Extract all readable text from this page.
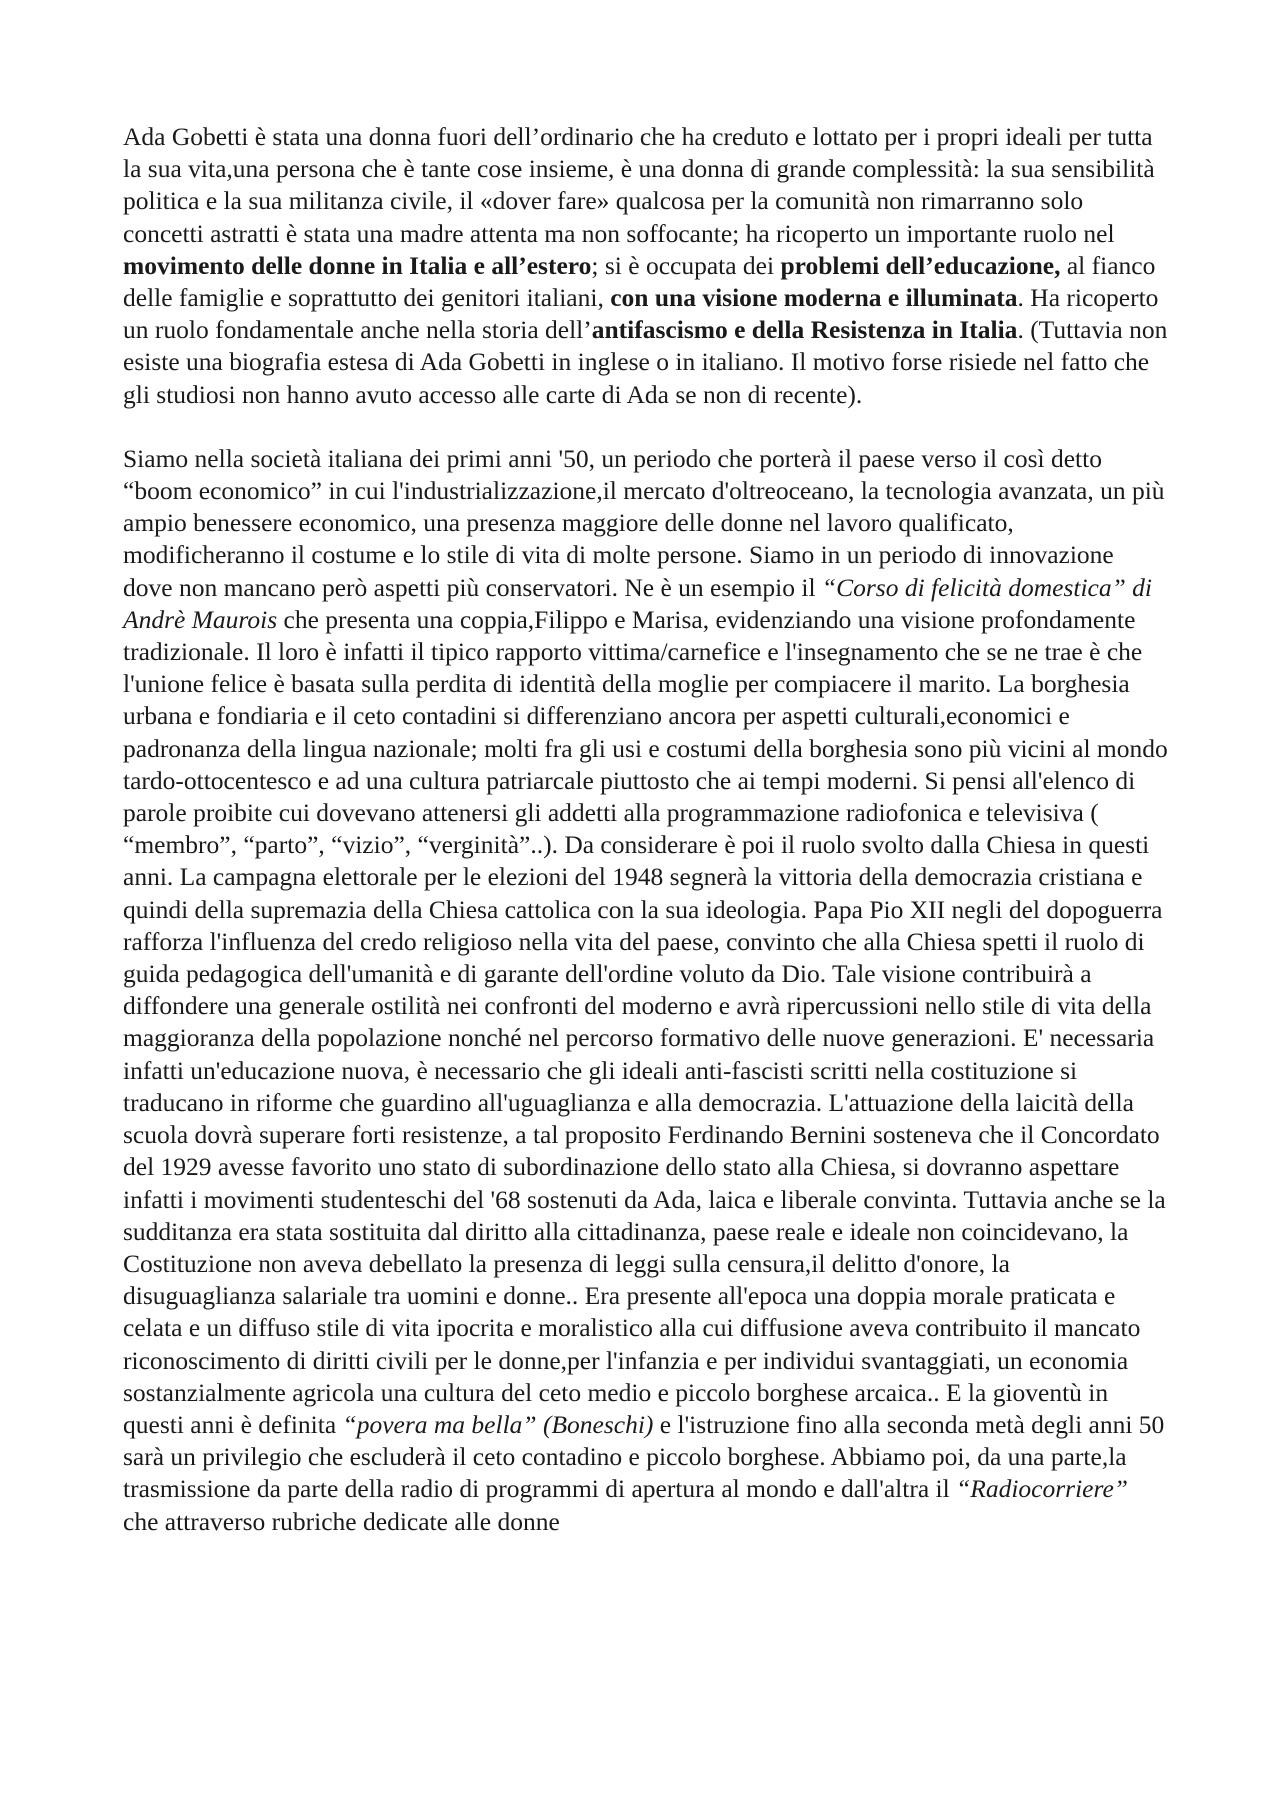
Ada Gobetti è stata una donna fuori dell’ordinario che ha creduto e lottato per i propri ideali per tutta la sua vita,una persona che è tante cose insieme, è una donna di grande complessità: la sua sensibilità politica e la sua militanza civile, il «dover fare» qualcosa per la comunità non rimarranno solo concetti astratti è stata una madre attenta ma non soffocante; ha ricoperto un importante ruolo nel movimento delle donne in Italia e all’estero; si è occupata dei problemi dell’educazione, al fianco delle famiglie e soprattutto dei genitori italiani, con una visione moderna e illuminata. Ha ricoperto un ruolo fondamentale anche nella storia dell’antifascismo e della Resistenza in Italia. (Tuttavia non esiste una biografia estesa di Ada Gobetti in inglese o in italiano. Il motivo forse risiede nel fatto che gli studiosi non hanno avuto accesso alle carte di Ada se non di recente).

Siamo nella società italiana dei primi anni '50, un periodo che porterà il paese verso il così detto “boom economico” in cui l'industrializzazione,il mercato d'oltreoceano, la tecnologia avanzata, un più ampio benessere economico, una presenza maggiore delle donne nel lavoro qualificato, modificheranno il costume e lo stile di vita di molte persone. Siamo in un periodo di innovazione dove non mancano però aspetti più conservatori. Ne è un esempio il “Corso di felicità domestica” di Andrè Maurois che presenta una coppia,Filippo e Marisa, evidenziando una visione profondamente tradizionale. Il loro è infatti il tipico rapporto vittima/carnefice e l'insegnamento che se ne trae è che l'unione felice è basata sulla perdita di identità della moglie per compiacere il marito. La borghesia urbana e fondiaria e il ceto contadini si differenziano ancora per aspetti culturali,economici e padronanza della lingua nazionale; molti fra gli usi e costumi della borghesia sono più vicini al mondo tardo-ottocentesco e ad una cultura patriarcale piuttosto che ai tempi moderni. Si pensi all'elenco di parole proibite cui dovevano attenersi gli addetti alla programmazione radiofonica e televisiva ( “membro”, “parto”, “vizio”, “verginità”..). Da considerare è poi il ruolo svolto dalla Chiesa in questi anni. La campagna elettorale per le elezioni del 1948 segnerà la vittoria della democrazia cristiana e quindi della supremazia della Chiesa cattolica con la sua ideologia. Papa Pio XII negli del dopoguerra rafforza l'influenza del credo religioso nella vita del paese, convinto che alla Chiesa spetti il ruolo di guida pedagogica dell'umanità e di garante dell'ordine voluto da Dio. Tale visione contribuirà a diffondere una generale ostilità nei confronti del moderno e avrà ripercussioni nello stile di vita della maggioranza della popolazione nonché nel percorso formativo delle nuove generazioni. E' necessaria infatti un'educazione nuova, è necessario che gli ideali anti-fascisti scritti nella costituzione si traducano in riforme che guardino all'uguaglianza e alla democrazia. L'attuazione della laicità della scuola dovrà superare forti resistenze, a tal proposito Ferdinando Bernini sosteneva che il Concordato del 1929 avesse favorito uno stato di subordinazione dello stato alla Chiesa, si dovranno aspettare infatti i movimenti studenteschi del '68 sostenuti da Ada, laica e liberale convinta. Tuttavia anche se la sudditanza era stata sostituita dal diritto alla cittadinanza, paese reale e ideale non coincidevano, la Costituzione non aveva debellato la presenza di leggi sulla censura,il delitto d'onore, la disuguaglianza salariale tra uomini e donne.. Era presente all'epoca una doppia morale praticata e celata e un diffuso stile di vita ipocrita e moralistico alla cui diffusione aveva contribuito il mancato riconoscimento di diritti civili per le donne,per l'infanzia e per individui svantaggiati, un economia sostanzialmente agricola una cultura del ceto medio e piccolo borghese arcaica.. E la gioventù in questi anni è definita “povera ma bella” (Boneschi) e l'istruzione fino alla seconda metà degli anni 50 sarà un privilegio che escluderà il ceto contadino e piccolo borghese. Abbiamo poi, da una parte,la trasmissione da parte della radio di programmi di apertura al mondo e dall'altra il “Radiocorriere” che attraverso rubriche dedicate alle donne
